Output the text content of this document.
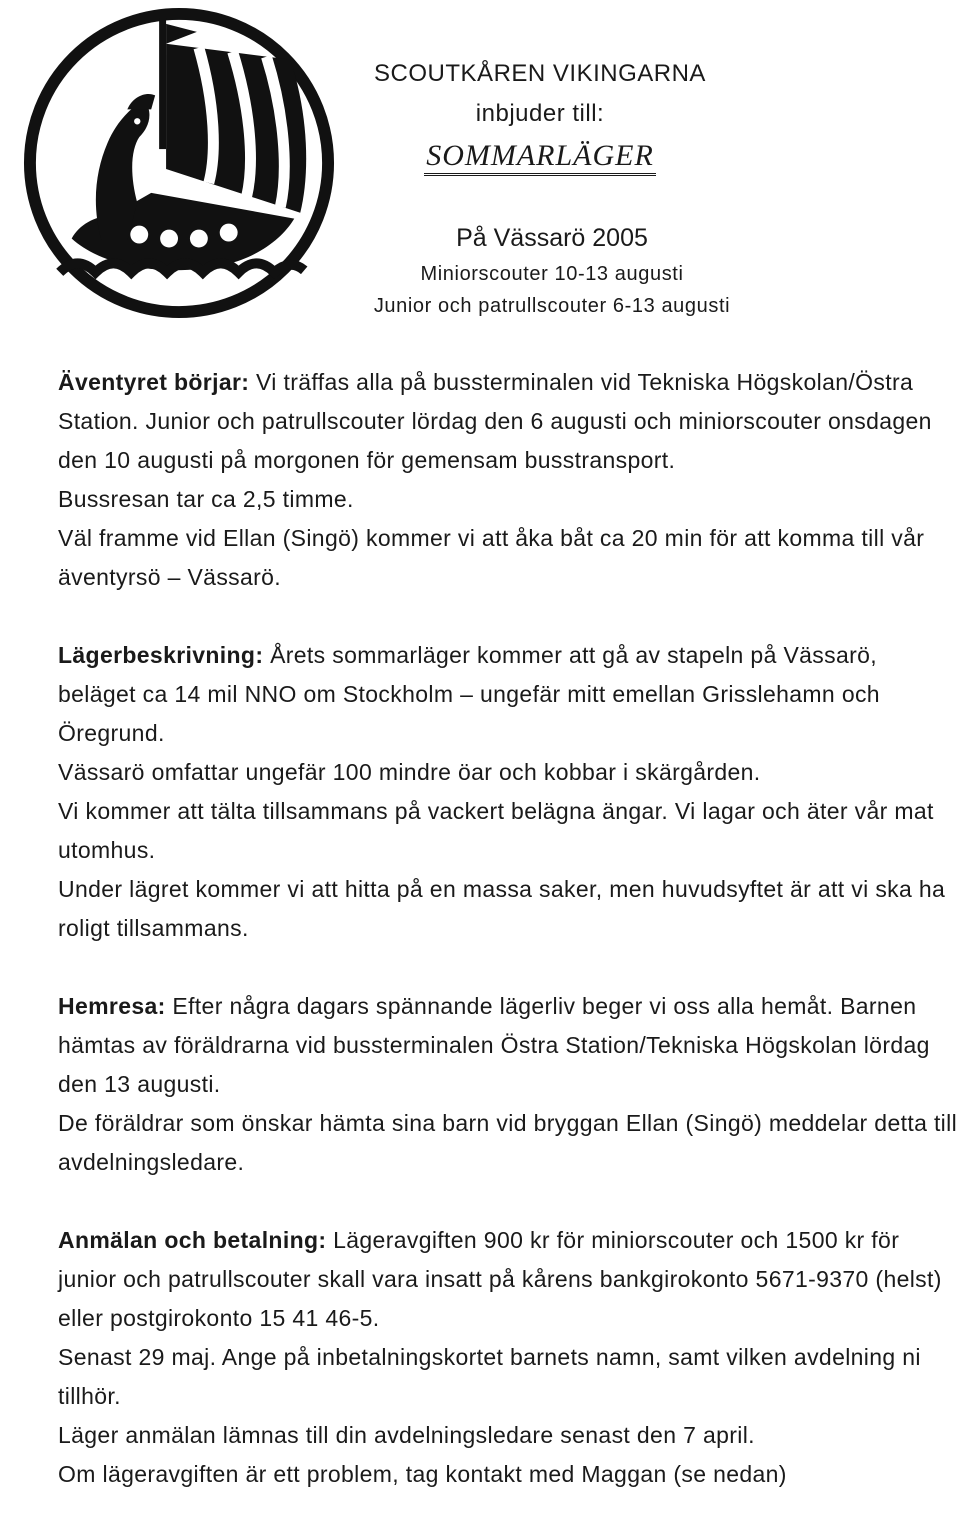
SCOUTKÅREN VIKINGARNA
inbjuder till:
SOMMARLÄGER
På Vässarö 2005
Miniorscouter 10-13 augusti
Junior och patrullscouter 6-13 augusti

Äventyret börjar: Vi träffas alla på bussterminalen vid Tekniska Högskolan/Östra Station. Junior och patrullscouter lördag den 6 augusti och miniorscouter onsdagen den 10 augusti på morgonen för gemensam busstransport.

Bussresan tar ca 2,5 timme.

Väl framme vid Ellan (Singö) kommer vi att åka båt ca 20 min för att komma till vår äventyrsö – Vässarö.

Lägerbeskrivning: Årets sommarläger kommer att gå av stapeln på Vässarö, beläget ca 14 mil NNO om Stockholm – ungefär mitt emellan Grisslehamn och Öregrund.

Vässarö omfattar ungefär 100 mindre öar och kobbar i skärgården.

Vi kommer att tälta tillsammans på vackert belägna ängar. Vi lagar och äter vår mat utomhus.

Under lägret kommer vi att hitta på en massa saker, men huvudsyftet är att vi ska ha roligt tillsammans.

Hemresa: Efter några dagars spännande lägerliv beger vi oss alla hemåt. Barnen hämtas av föräldrarna vid bussterminalen Östra Station/Tekniska Högskolan lördag den 13 augusti.

De föräldrar som önskar hämta sina barn vid bryggan Ellan (Singö) meddelar detta till avdelningsledare.

Anmälan och betalning: Lägeravgiften 900 kr för miniorscouter och 1500 kr för junior och patrullscouter skall vara insatt på kårens bankgirokonto 5671-9370 (helst) eller postgirokonto 15 41 46-5.

Senast 29 maj. Ange på inbetalningskortet barnets namn, samt vilken avdelning ni tillhör.

Läger anmälan lämnas till din avdelningsledare senast den 7 april.

Om lägeravgiften är ett problem, tag kontakt med Maggan (se nedan)
